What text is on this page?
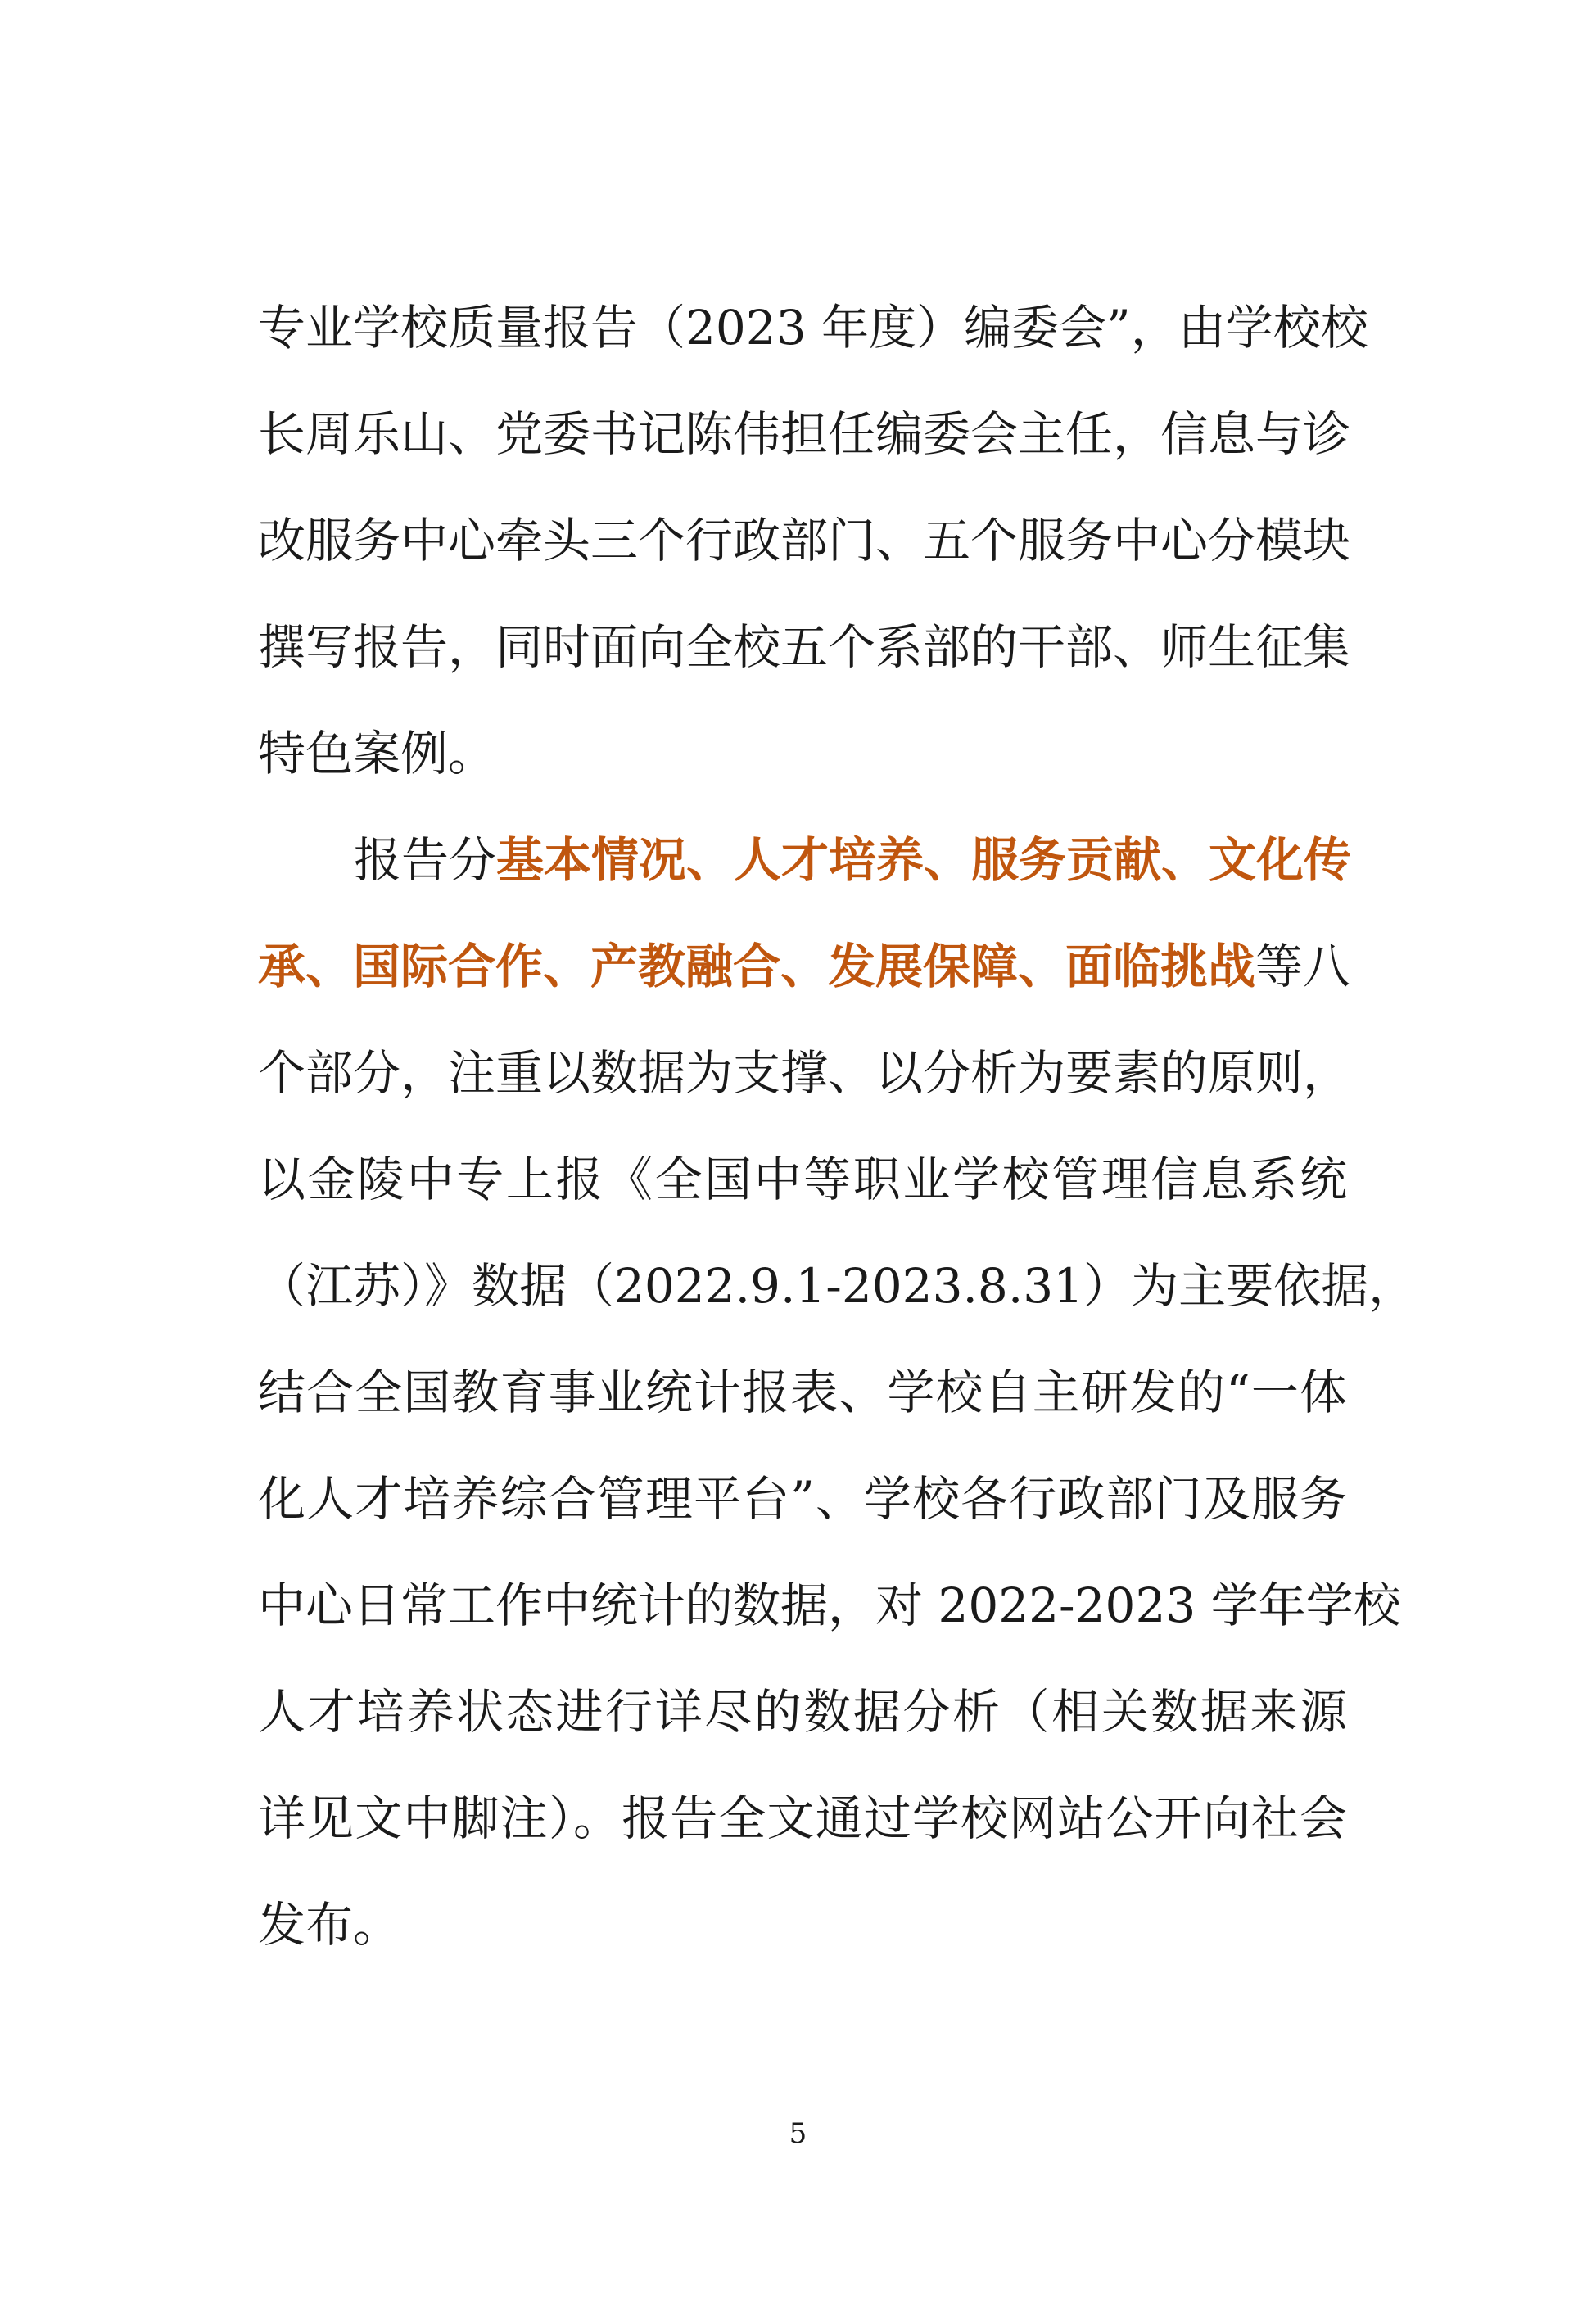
专业学校质量报告（2023 年度）编委会”，由学校校
长周乐山、党委书记陈伟担任编委会主任，信息与诊
改服务中心牵头三个行政部门、五个服务中心分模块
撰写报告，同时面向全校五个系部的干部、师生征集
特色案例。
报告分基本情况、人才培养、服务贡献、文化传
承、国际合作、产教融合、发展保障、面临挑战等八
个部分，注重以数据为支撑、以分析为要素的原则，
以金陵中专上报《全国中等职业学校管理信息系统
（江苏）》数据（2022.9.1-2023.8.31）为主要依据，
结合全国教育事业统计报表、学校自主研发的“一体
化人才培养综合管理平台”、学校各行政部门及服务
中心日常工作中统计的数据，对 2022-2023 学年学校
人才培养状态进行详尽的数据分析（相关数据来源
详见文中脚注）。报告全文通过学校网站公开向社会
发布。
5
